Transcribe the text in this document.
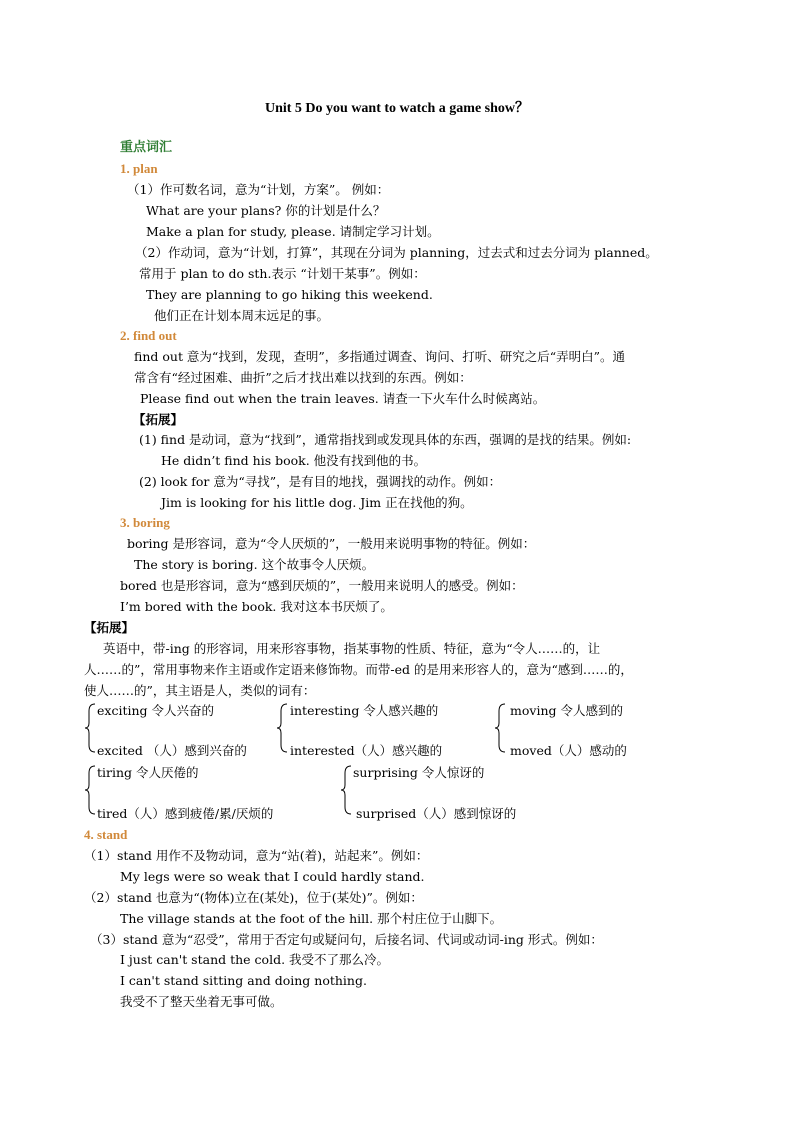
Unit 5 Do you want to watch a game show？
重点词汇
1. plan
（1）作可数名词，意为“计划，方案”。 例如：
What are your plans? 你的计划是什么？
Make a plan for study, please. 请制定学习计划。
（2）作动词，意为“计划，打算”，其现在分词为 planning，过去式和过去分词为 planned。
常用于 plan to do sth.表示 “计划干某事”。例如：
They are planning to go hiking this weekend.
他们正在计划本周末远足的事。
2. find out
find out 意为“找到，发现，查明”，多指通过调查、询问、打听、研究之后“弄明白”。通
常含有“经过困难、曲折”之后才找出难以找到的东西。例如：
Please find out when the train leaves. 请查一下火车什么时候离站。
【拓展】
(1) find 是动词，意为“找到”，通常指找到或发现具体的东西，强调的是找的结果。例如:
He didn’t find his book. 他没有找到他的书。
(2) look for 意为“寻找”，是有目的地找，强调找的动作。例如：
Jim is looking for his little dog. Jim 正在找他的狗。
3. boring
boring 是形容词，意为“令人厌烦的”，一般用来说明事物的特征。例如：
The story is boring. 这个故事令人厌烦。
bored 也是形容词，意为“感到厌烦的”，一般用来说明人的感受。例如：
I’m bored with the book. 我对这本书厌烦了。
【拓展】
英语中，带-ing 的形容词，用来形容事物，指某事物的性质、特征，意为“令人……的，让
人……的”，常用事物来作主语或作定语来修饰物。而带-ed 的是用来形容人的，意为“感到……的，
使人……的”，其主语是人，类似的词有：
exciting 令人兴奋的
excited （人）感到兴奋的
interesting 令人感兴趣的
interested（人）感兴趣的
moving 令人感到的
moved（人）感动的
tiring 令人厌倦的
tired（人）感到疲倦/累/厌烦的
surprising 令人惊讶的
surprised（人）感到惊讶的
4. stand
（1）stand 用作不及物动词，意为“站(着)，站起来”。例如：
My legs were so weak that I could hardly stand.
（2）stand 也意为“(物体)立在(某处)，位于(某处)”。例如：
The village stands at the foot of the hill. 那个村庄位于山脚下。
（3）stand 意为“忍受”，常用于否定句或疑问句，后接名词、代词或动词-ing 形式。例如：
I just can't stand the cold. 我受不了那么冷。
I can't stand sitting and doing nothing.
我受不了整天坐着无事可做。
